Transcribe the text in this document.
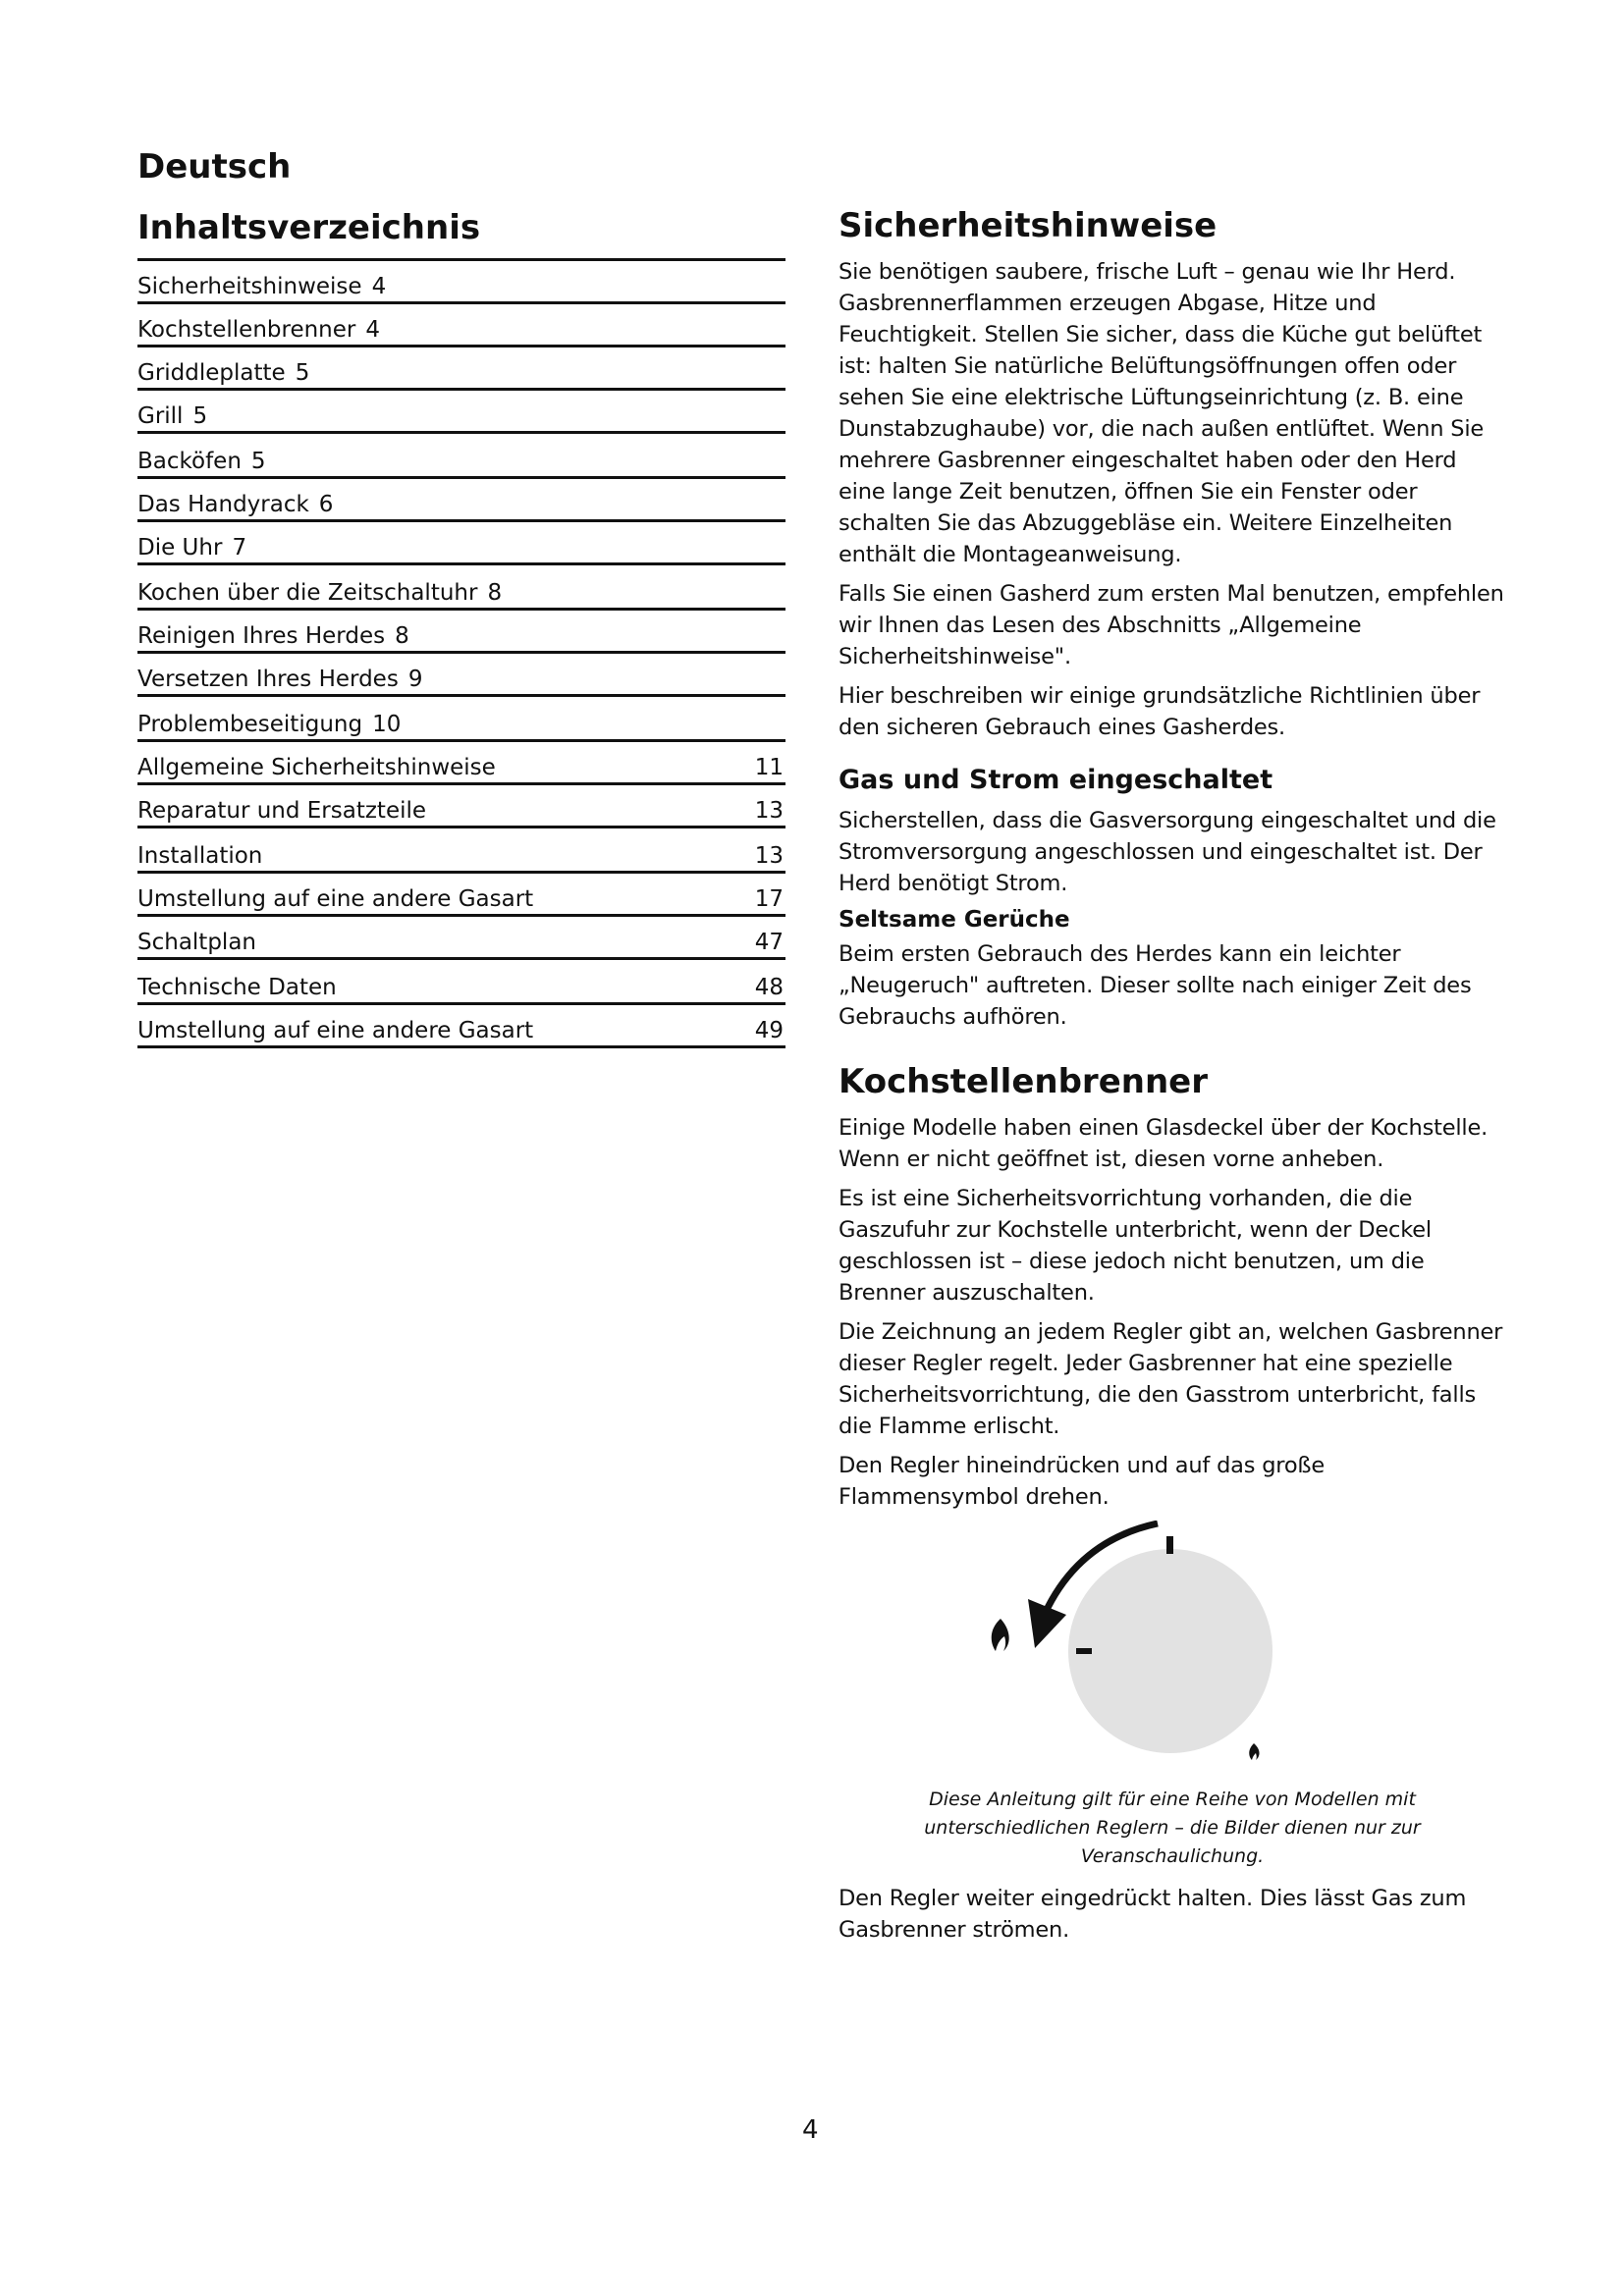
Deutsch
Inhaltsverzeichnis
Sicherheitshinweise 4
Kochstellenbrenner 4
Griddleplatte 5
Grill 5
Backöfen 5
Das Handyrack 6
Die Uhr 7
Kochen über die Zeitschaltuhr 8
Reinigen Ihres Herdes 8
Versetzen Ihres Herdes 9
Problembeseitigung 10
Allgemeine Sicherheitshinweise	11
Reparatur und Ersatzteile	13
Installation	13
Umstellung auf eine andere Gasart	17
Schaltplan	47
Technische Daten	48
Umstellung auf eine andere Gasart	49
Sicherheitshinweise

Sie benötigen saubere, frische Luft – genau wie Ihr Herd. Gasbrennerflammen erzeugen Abgase, Hitze und Feuchtigkeit. Stellen Sie sicher, dass die Küche gut belüftet ist: halten Sie natürliche Belüftungsöffnungen offen oder sehen Sie eine elektrische Lüftungseinrichtung (z. B. eine Dunstabzughaube) vor, die nach außen entlüftet. Wenn Sie mehrere Gasbrenner eingeschaltet haben oder den Herd eine lange Zeit benutzen, öffnen Sie ein Fenster oder schalten Sie das Abzuggebläse ein. Weitere Einzelheiten enthält die Montageanweisung.

Falls Sie einen Gasherd zum ersten Mal benutzen, empfehlen wir Ihnen das Lesen des Abschnitts „Allgemeine Sicherheitshinweise".

Hier beschreiben wir einige grundsätzliche Richtlinien über den sicheren Gebrauch eines Gasherdes.

Gas und Strom eingeschaltet

Sicherstellen, dass die Gasversorgung eingeschaltet und die Stromversorgung angeschlossen und eingeschaltet ist. Der Herd benötigt Strom.

Seltsame Gerüche

Beim ersten Gebrauch des Herdes kann ein leichter „Neugeruch" auftreten. Dieser sollte nach einiger Zeit des Gebrauchs aufhören.

Kochstellenbrenner

Einige Modelle haben einen Glasdeckel über der Kochstelle. Wenn er nicht geöffnet ist, diesen vorne anheben.

Es ist eine Sicherheitsvorrichtung vorhanden, die die Gaszufuhr zur Kochstelle unterbricht, wenn der Deckel geschlossen ist – diese jedoch nicht benutzen, um die Brenner auszuschalten.

Die Zeichnung an jedem Regler gibt an, welchen Gasbrenner dieser Regler regelt. Jeder Gasbrenner hat eine spezielle Sicherheitsvorrichtung, die den Gasstrom unterbricht, falls die Flamme erlischt.

Den Regler hineindrücken und auf das große Flammensymbol drehen.

Diese Anleitung gilt für eine Reihe von Modellen mit unterschiedlichen Reglern – die Bilder dienen nur zur Veranschaulichung.

Den Regler weiter eingedrückt halten. Dies lässt Gas zum Gasbrenner strömen.

4
